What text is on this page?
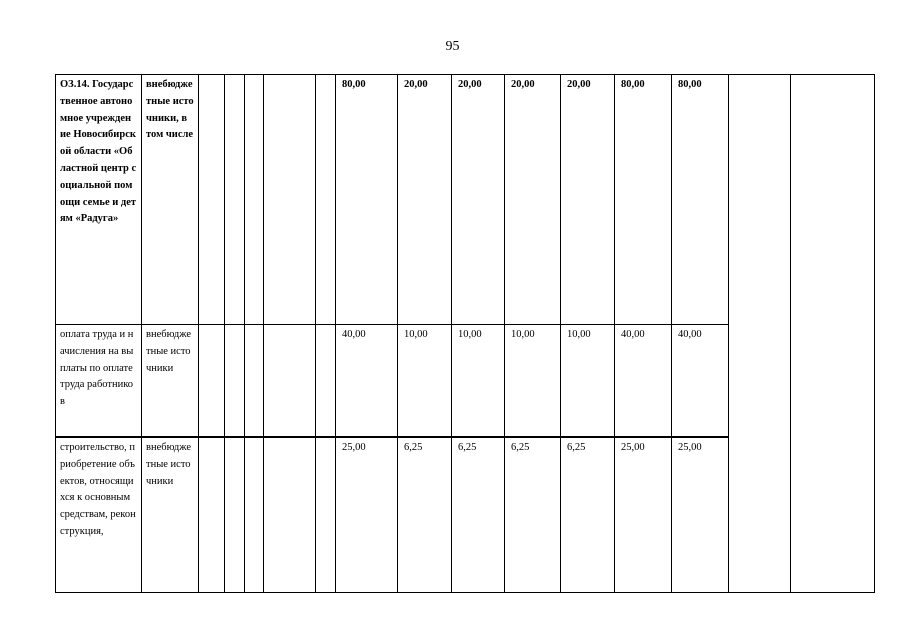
95
ОЗ.14. Государственное автономное учреждение Новосибирской области «Областной центр социальной помощи семье и детям «Радуга»	внебюджетные источники, в том числе						80,00	20,00	20,00	20,00	20,00	80,00	80,00		
оплата труда и начисления на выплаты по оплате труда работников	внебюджетные источники						40,00	10,00	10,00	10,00	10,00	40,00	40,00		
строительство, приобретение объектов, относящихся к основным средствам, реконструкция,	внебюджетные источники						25,00	6,25	6,25	6,25	6,25	25,00	25,00		
